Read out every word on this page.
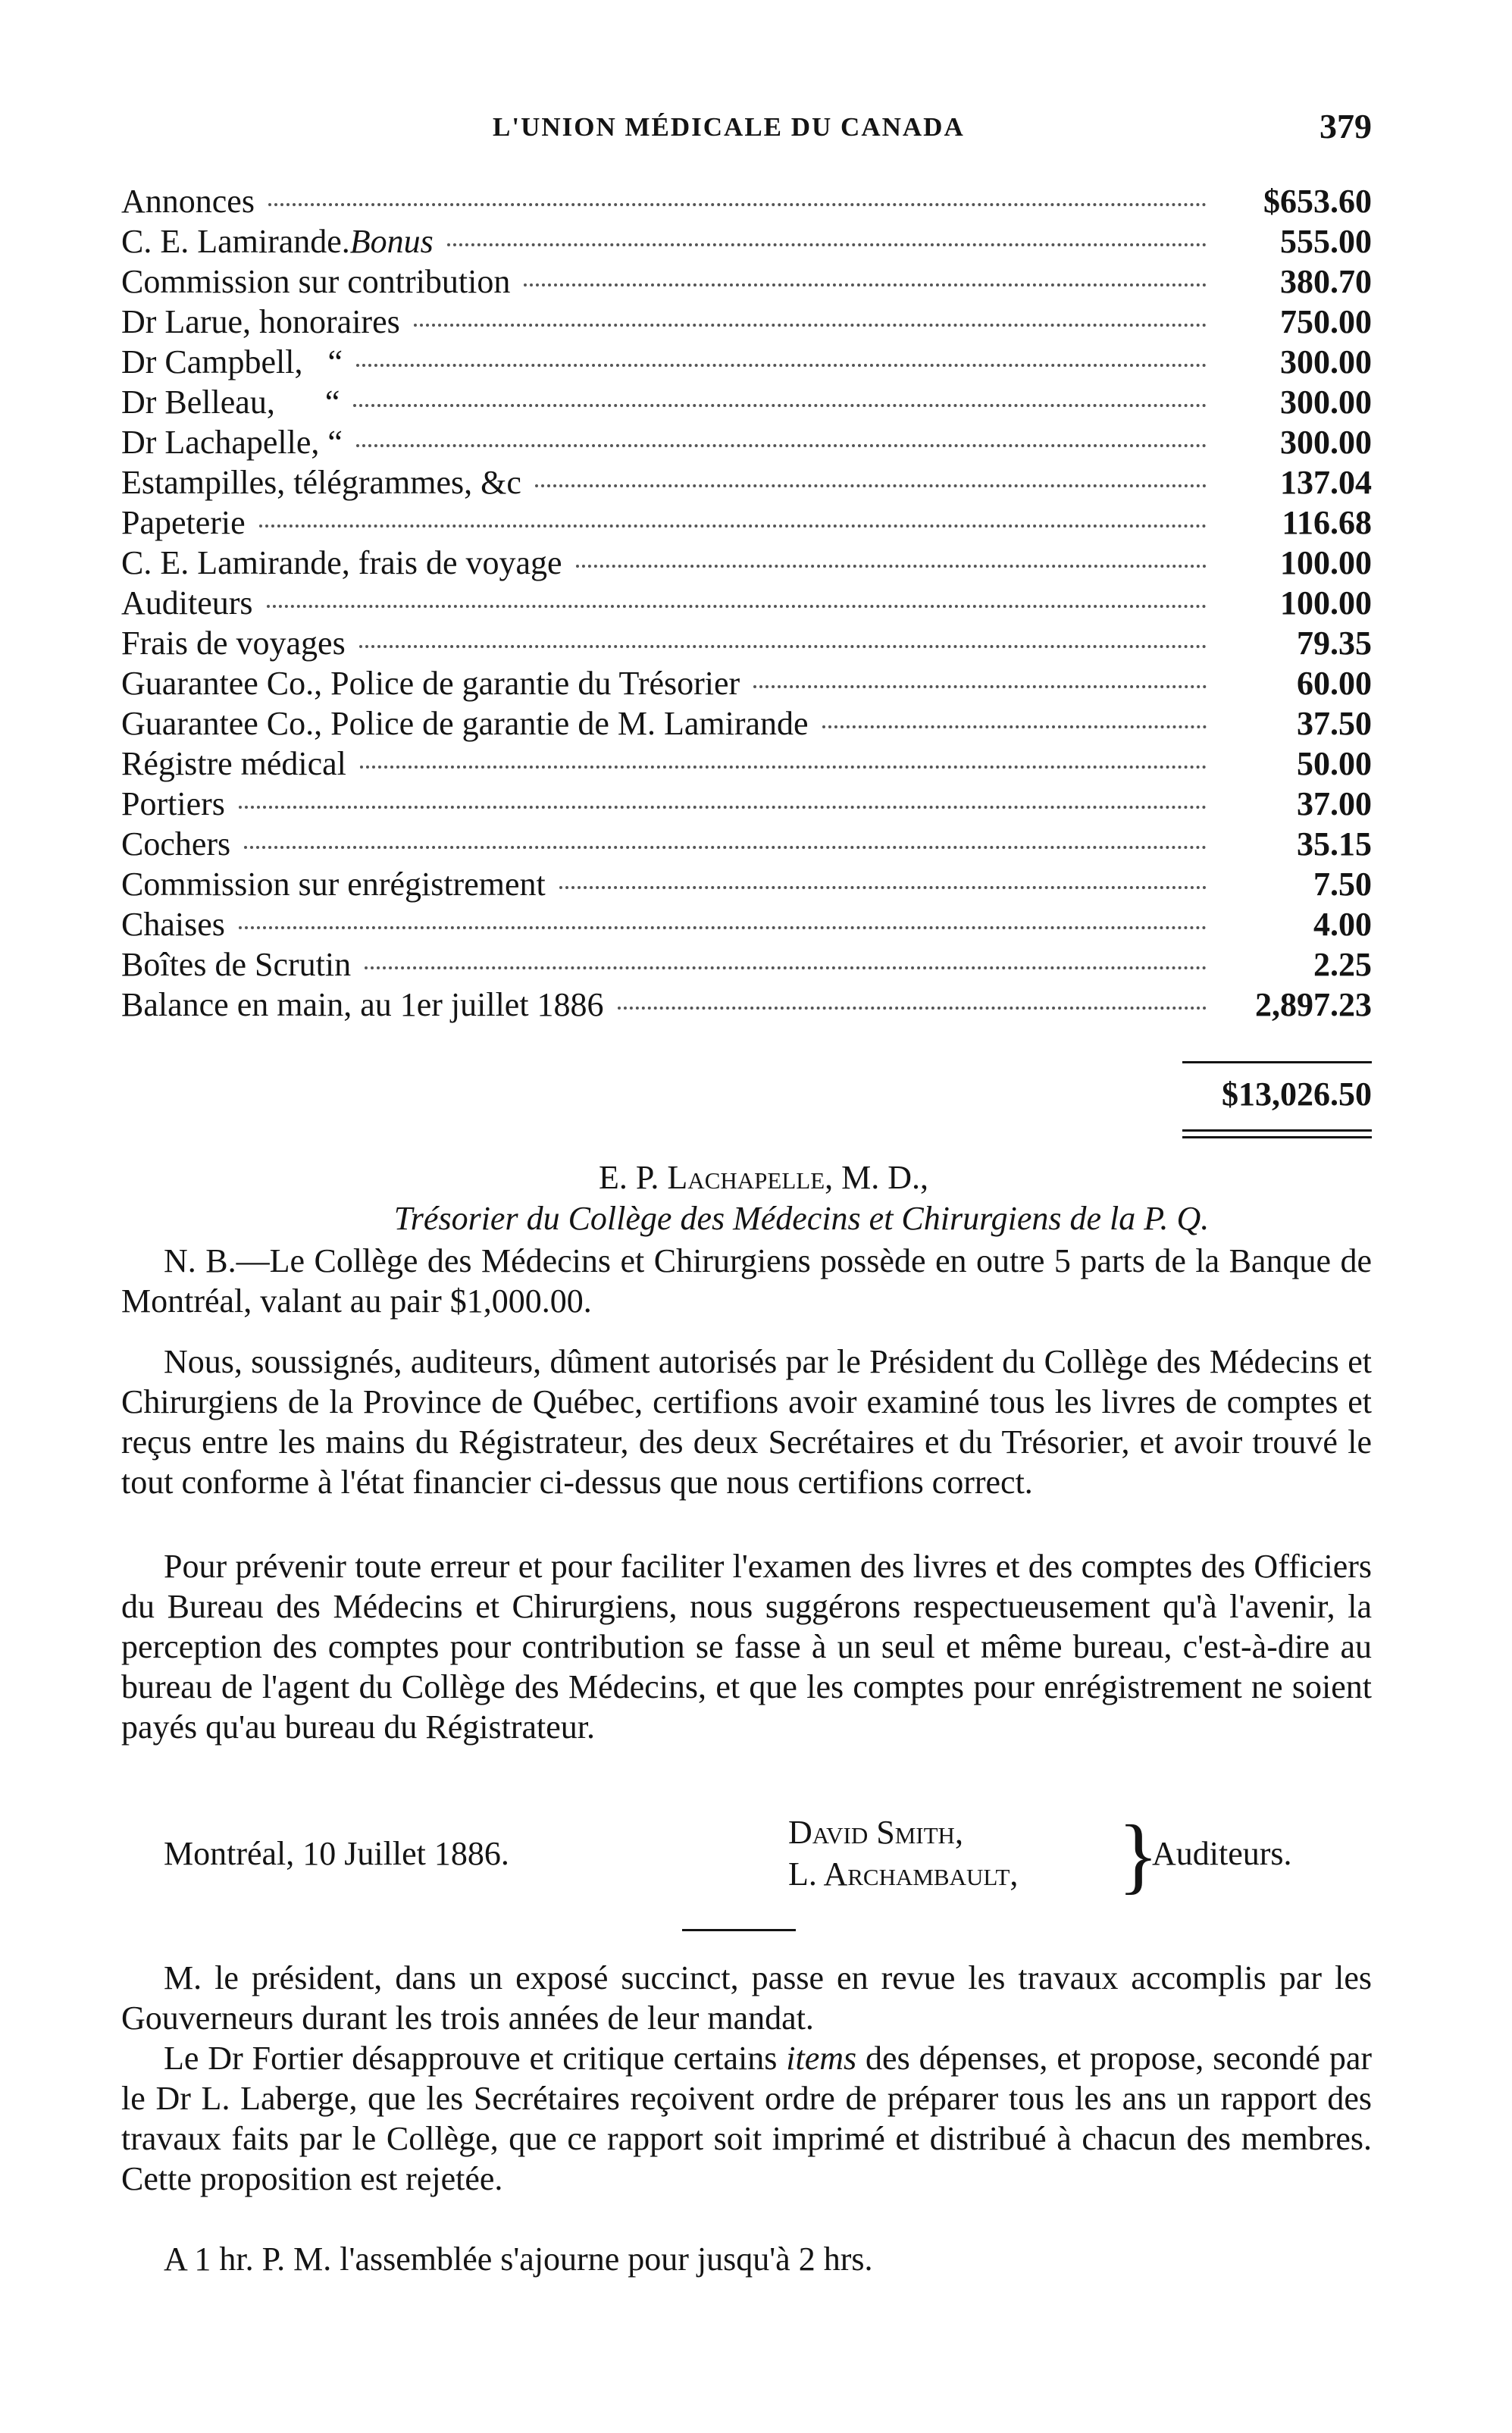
L'UNION MÉDICALE DU CANADA	379
Annonces	$653.60
C. E. Lamirande. Bonus	555.00
Commission sur contribution	380.70
Dr Larue, honoraires	750.00
Dr Campbell,   “	300.00
Dr Belleau,      “	300.00
Dr Lachapelle, “	300.00
Estampilles, télégrammes, &c	137.04
Papeterie	116.68
C. E. Lamirande, frais de voyage	100.00
Auditeurs	100.00
Frais de voyages	79.35
Guarantee Co., Police de garantie du Trésorier	60.00
Guarantee Co., Police de garantie de M. Lamirande	37.50
Régistre médical	50.00
Portiers	37.00
Cochers	35.15
Commission sur enrégistrement	7.50
Chaises	4.00
Boîtes de Scrutin	2.25
Balance en main, au 1er juillet 1886	2,897.23
$13,026.50
E. P. Lachapelle, M. D.,
Trésorier du Collège des Médecins et Chirurgiens de la P. Q.

N. B.—Le Collège des Médecins et Chirurgiens possède en outre 5 parts de la Banque de Montréal, valant au pair $1,000.00.

Nous, soussignés, auditeurs, dûment autorisés par le Président du Collège des Médecins et Chirurgiens de la Province de Québec, certifions avoir examiné tous les livres de comptes et reçus entre les mains du Régistrateur, des deux Secrétaires et du Trésorier, et avoir trouvé le tout conforme à l'état financier ci-dessus que nous certifions correct.

Pour prévenir toute erreur et pour faciliter l'examen des livres et des comptes des Officiers du Bureau des Médecins et Chirurgiens, nous suggérons respectueusement qu'à l'avenir, la perception des comptes pour contribution se fasse à un seul et même bureau, c'est-à-dire au bureau de l'agent du Collège des Médecins, et que les comptes pour enrégistrement ne soient payés qu'au bureau du Régistrateur.

Montréal, 10 Juillet 1886.
David Smith,
L. Archambault, }
Auditeurs.

M. le président, dans un exposé succinct, passe en revue les travaux accomplis par les Gouverneurs durant les trois années de leur mandat.

Le Dr Fortier désapprouve et critique certains items des dépenses, et propose, secondé par le Dr L. Laberge, que les Secrétaires reçoivent ordre de préparer tous les ans un rapport des travaux faits par le Collège, que ce rapport soit imprimé et distribué à chacun des membres. Cette proposition est rejetée.

A 1 hr. P. M. l'assemblée s'ajourne pour jusqu'à 2 hrs.
